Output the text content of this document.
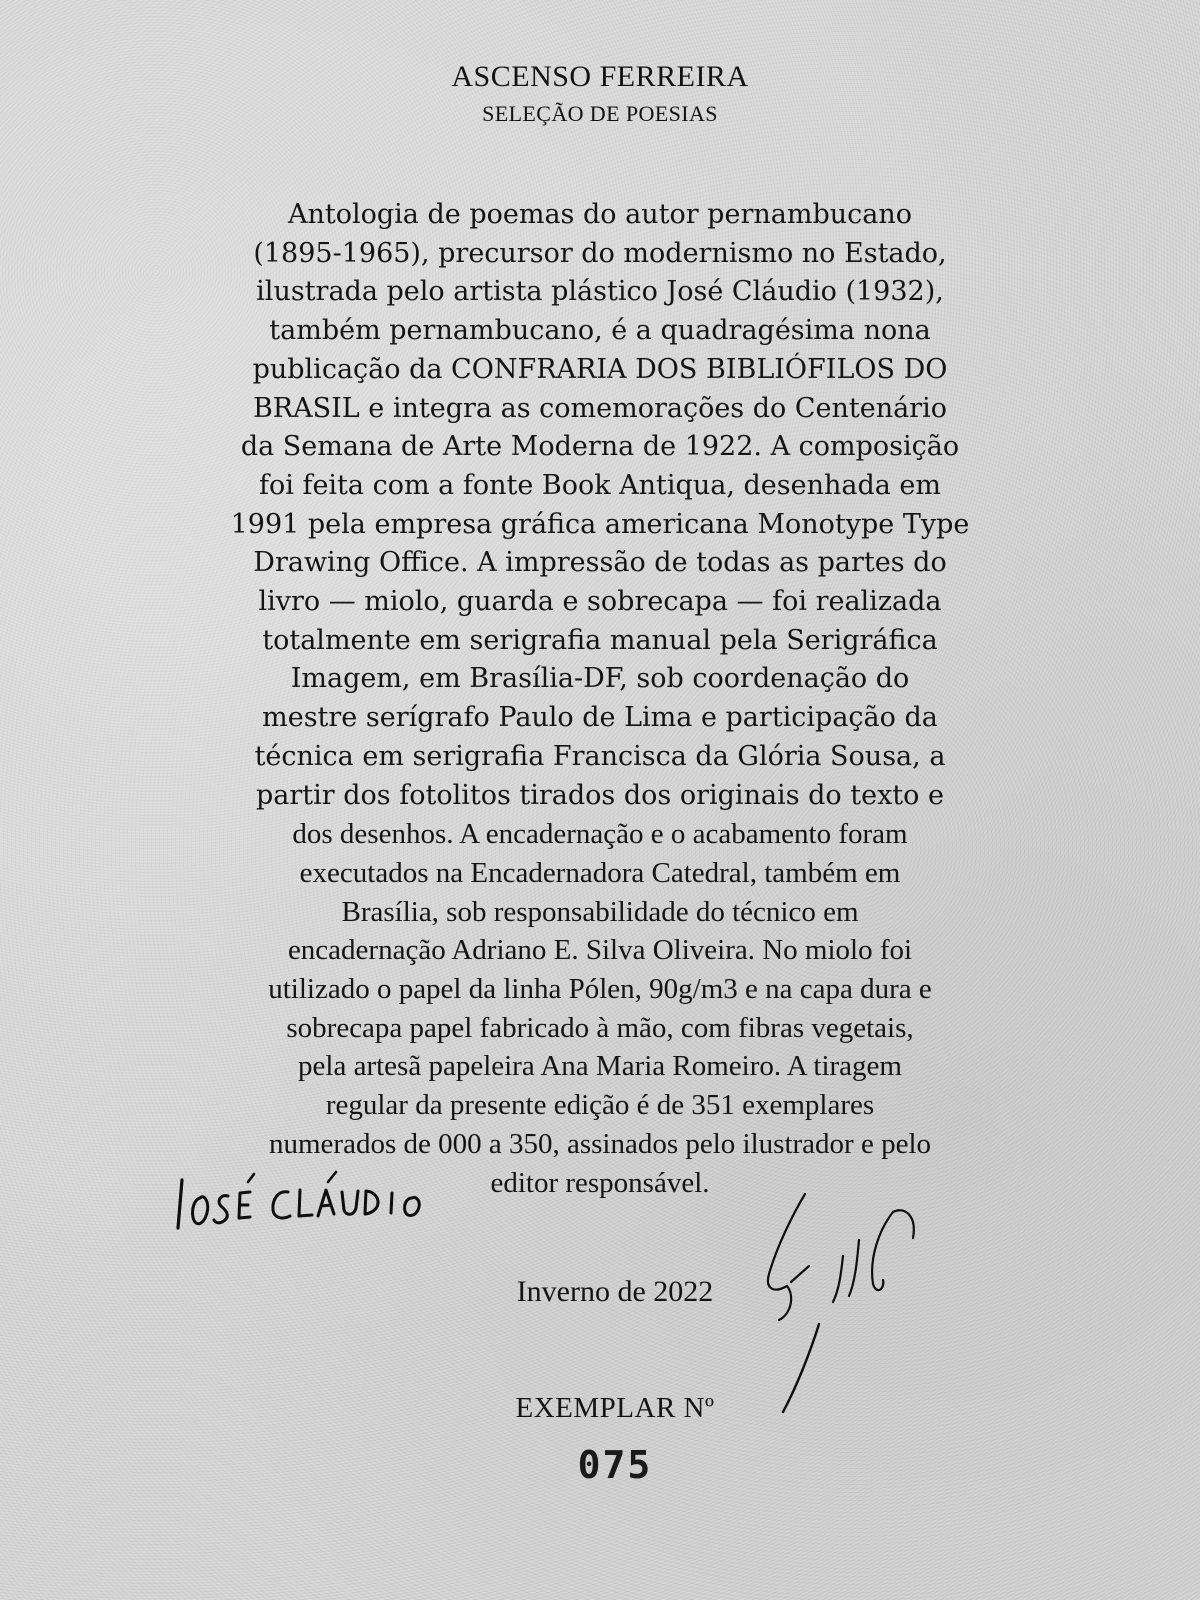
ASCENSO FERREIRA
SELEÇÃO DE POESIAS
Antologia de poemas do autor pernambucano
(1895-1965), precursor do modernismo no Estado,
ilustrada pelo artista plástico José Cláudio (1932),
também pernambucano, é a quadragésima nona
publicação da CONFRARIA DOS BIBLIÓFILOS DO
BRASIL e integra as comemorações do Centenário
da Semana de Arte Moderna de 1922. A composição
foi feita com a fonte Book Antiqua, desenhada em
1991 pela empresa gráfica americana Monotype Type
Drawing Office. A impressão de todas as partes do
livro — miolo, guarda e sobrecapa — foi realizada
totalmente em serigrafia manual pela Serigráfica
Imagem, em Brasília-DF, sob coordenação do
mestre serígrafo Paulo de Lima e participação da
técnica em serigrafia Francisca da Glória Sousa, a
partir dos fotolitos tirados dos originais do texto e
dos desenhos. A encadernação e o acabamento foram
executados na Encadernadora Catedral, também em
Brasília, sob responsabilidade do técnico em
encadernação Adriano E. Silva Oliveira. No miolo foi
utilizado o papel da linha Pólen, 90g/m3 e na capa dura e
sobrecapa papel fabricado à mão, com fibras vegetais,
pela artesã papeleira Ana Maria Romeiro. A tiragem
regular da presente edição é de 351 exemplares
numerados de 000 a 350, assinados pelo ilustrador e pelo
editor responsável.
Inverno de 2022
EXEMPLAR Nº
075
